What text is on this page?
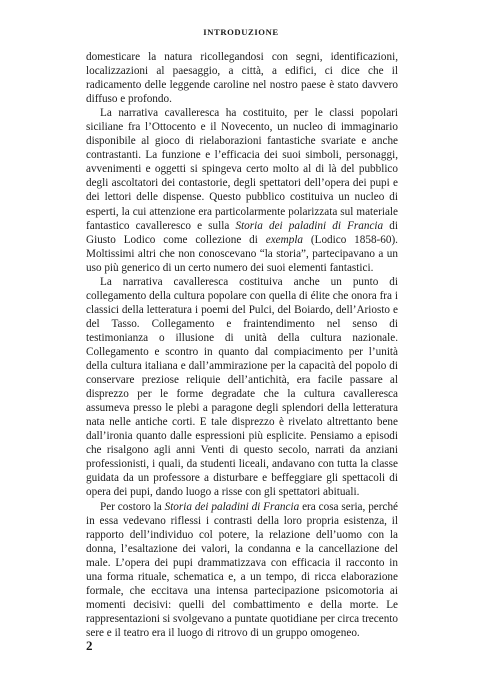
INTRODUZIONE

domesticare la natura ricollegandosi con segni, identificazioni, localizzazioni al paesaggio, a città, a edifici, ci dice che il radicamento delle leggende caroline nel nostro paese è stato davvero diffuso e profondo.

La narrativa cavalleresca ha costituito, per le classi popolari siciliane fra l’Ottocento e il Novecento, un nucleo di immaginario disponibile al gioco di rielaborazioni fantastiche svariate e anche contrastanti. La funzione e l’efficacia dei suoi simboli, personaggi, avvenimenti e oggetti si spingeva certo molto al di là del pubblico degli ascoltatori dei contastorie, degli spettatori dell’opera dei pupi e dei lettori delle dispense. Questo pubblico costituiva un nucleo di esperti, la cui attenzione era particolarmente polarizzata sul materiale fantastico cavalleresco e sulla Storia dei paladini di Francia di Giusto Lodico come collezione di exempla (Lodico 1858-60). Moltissimi altri che non conoscevano “la storia”, partecipavano a un uso più generico di un certo numero dei suoi elementi fantastici.

La narrativa cavalleresca costituiva anche un punto di collegamento della cultura popolare con quella di élite che onora fra i classici della letteratura i poemi del Pulci, del Boiardo, dell’Ariosto e del Tasso. Collegamento e fraintendimento nel senso di testimonianza o illusione di unità della cultura nazionale. Collegamento e scontro in quanto dal compiacimento per l’unità della cultura italiana e dall’ammirazione per la capacità del popolo di conservare preziose reliquie dell’antichità, era facile passare al disprezzo per le forme degradate che la cultura cavalleresca assumeva presso le plebi a paragone degli splendori della letteratura nata nelle antiche corti. E tale disprezzo è rivelato altrettanto bene dall’ironia quanto dalle espressioni più esplicite. Pensiamo a episodi che risalgono agli anni Venti di questo secolo, narrati da anziani professionisti, i quali, da studenti liceali, andavano con tutta la classe guidata da un professore a disturbare e beffeggiare gli spettacoli di opera dei pupi, dando luogo a risse con gli spettatori abituali.

Per costoro la Storia dei paladini di Francia era cosa seria, perché in essa vedevano riflessi i contrasti della loro propria esistenza, il rapporto dell’individuo col potere, la relazione dell’uomo con la donna, l’esaltazione dei valori, la condanna e la cancellazione del male. L’opera dei pupi drammatizzava con efficacia il racconto in una forma rituale, schematica e, a un tempo, di ricca elaborazione formale, che eccitava una intensa partecipazione psicomotoria ai momenti decisivi: quelli del combattimento e della morte. Le rappresentazioni si svolgevano a puntate quotidiane per circa trecento sere e il teatro era il luogo di ritrovo di un gruppo omogeneo.

2
